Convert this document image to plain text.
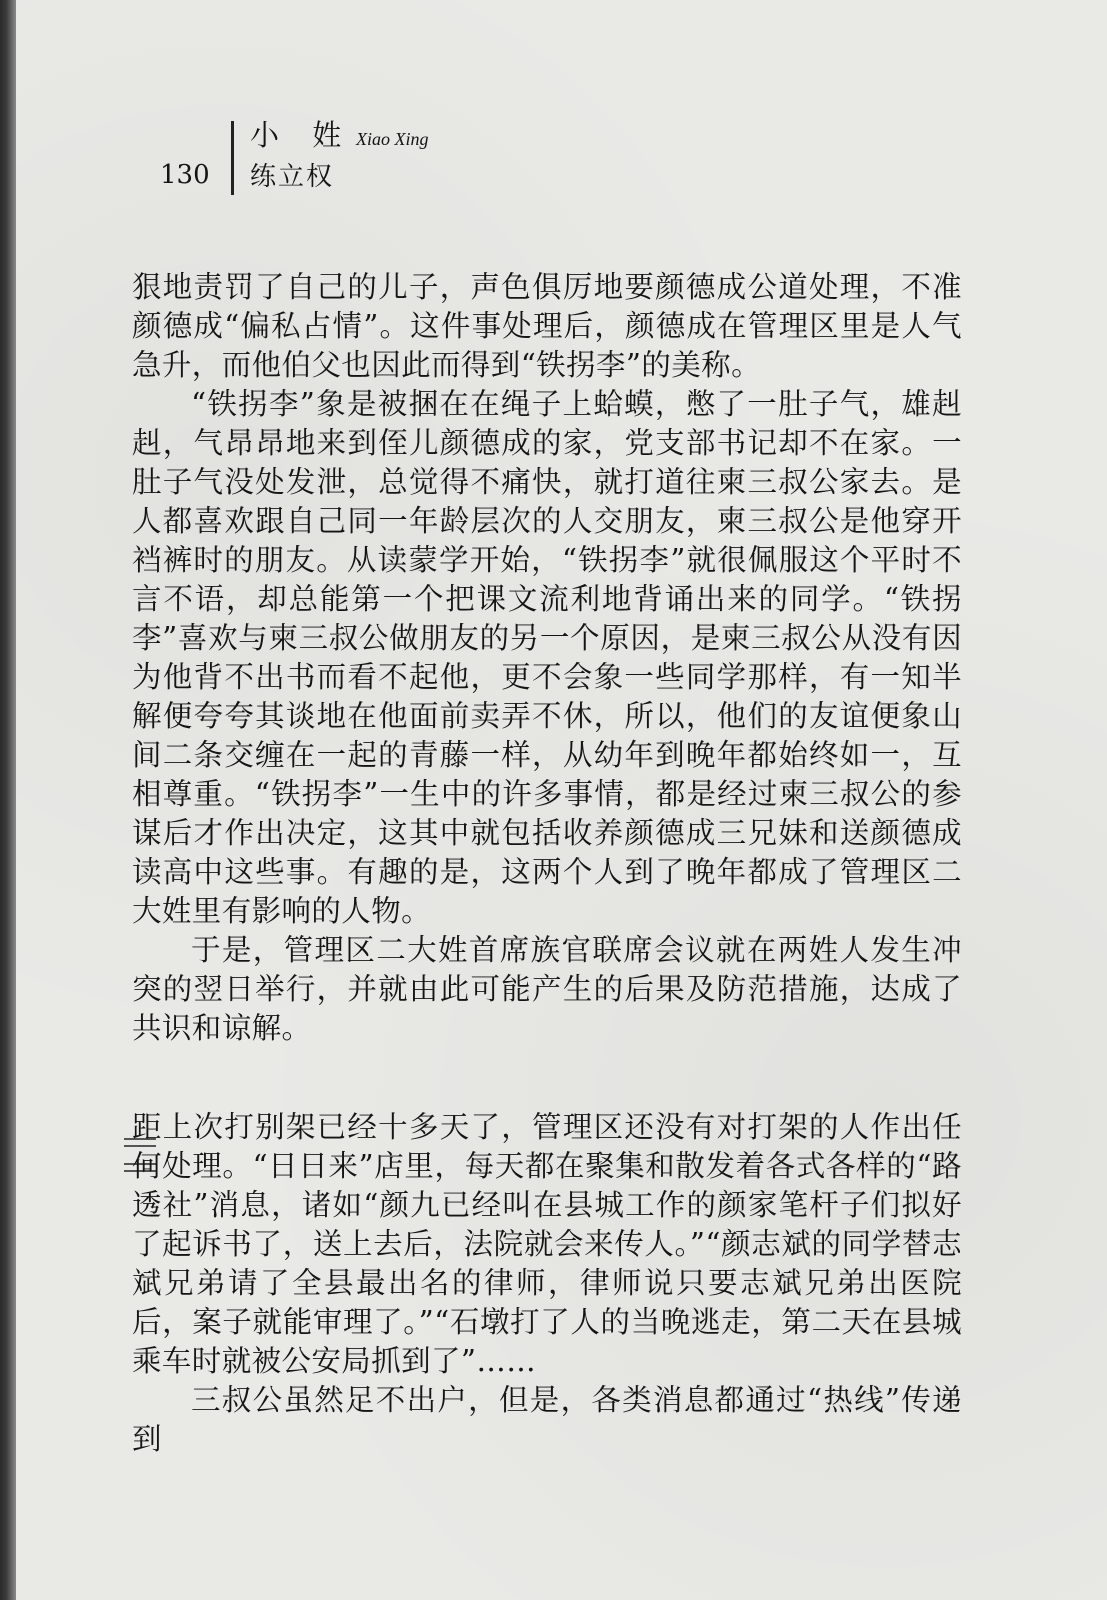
130
小 姓 Xiao Xing
练立权

狠地责罚了自己的儿子，声色俱厉地要颜德成公道处理，不准颜德成“偏私占情”。这件事处理后，颜德成在管理区里是人气急升，而他伯父也因此而得到“铁拐李”的美称。

“铁拐李”象是被捆在在绳子上蛤蟆，憋了一肚子气，雄赳赳，气昂昂地来到侄儿颜德成的家，党支部书记却不在家。一肚子气没处发泄，总觉得不痛快，就打道往柬三叔公家去。是人都喜欢跟自己同一年龄层次的人交朋友，柬三叔公是他穿开裆裤时的朋友。从读蒙学开始，“铁拐李”就很佩服这个平时不言不语，却总能第一个把课文流利地背诵出来的同学。“铁拐李”喜欢与柬三叔公做朋友的另一个原因，是柬三叔公从没有因为他背不出书而看不起他，更不会象一些同学那样，有一知半解便夸夸其谈地在他面前卖弄不休，所以，他们的友谊便象山间二条交缠在一起的青藤一样，从幼年到晚年都始终如一，互相尊重。“铁拐李”一生中的许多事情，都是经过柬三叔公的参谋后才作出决定，这其中就包括收养颜德成三兄妹和送颜德成读高中这些事。有趣的是，这两个人到了晚年都成了管理区二大姓里有影响的人物。

于是，管理区二大姓首席族官联席会议就在两姓人发生冲突的翌日举行，并就由此可能产生的后果及防范措施，达成了共识和谅解。

距上次打别架已经十多天了，管理区还没有对打架的人作出任何处理。“日日来”店里，每天都在聚集和散发着各式各样的“路透社”消息，诸如“颜九已经叫在县城工作的颜家笔杆子们拟好了起诉书了，送上去后，法院就会来传人。”“颜志斌的同学替志斌兄弟请了全县最出名的律师，律师说只要志斌兄弟出医院后，案子就能审理了。”“石墩打了人的当晚逃走，第二天在县城乘车时就被公安局抓到了”……

三叔公虽然足不出户，但是，各类消息都通过“热线”传递到
